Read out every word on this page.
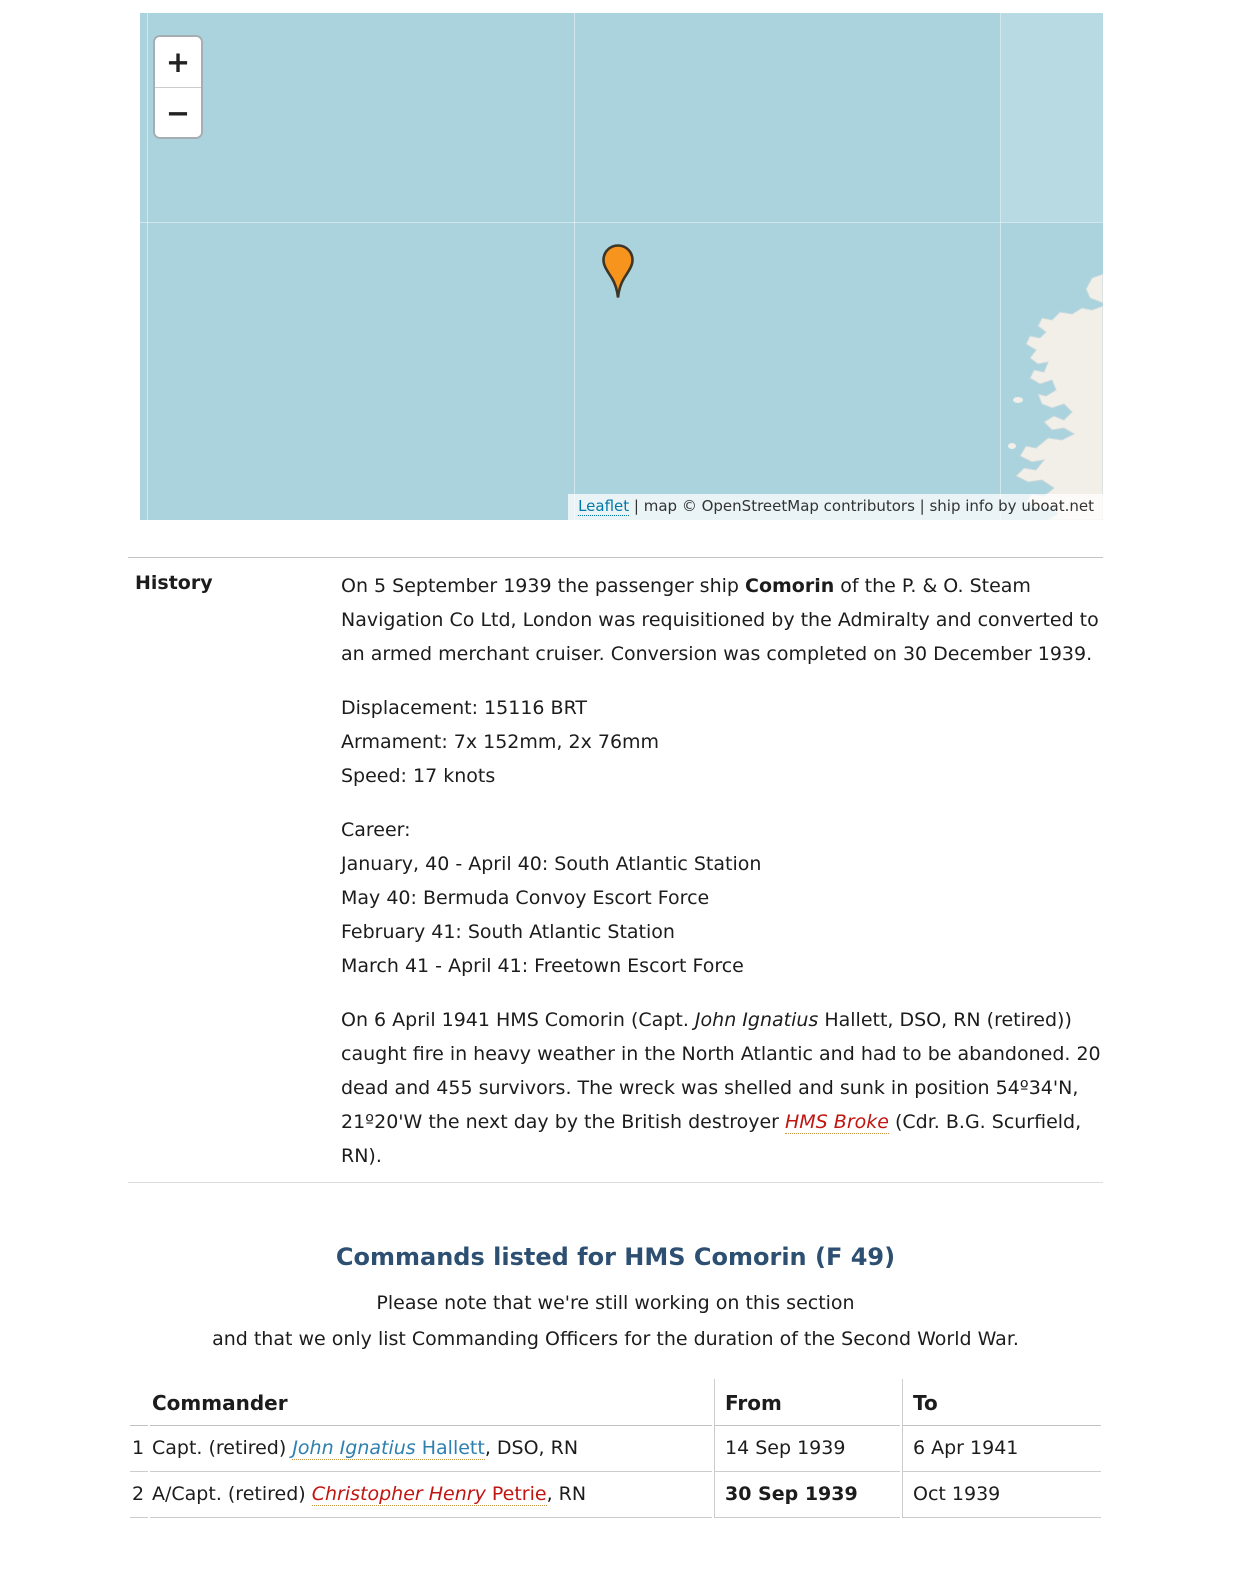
+
−
Leaflet | map © OpenStreetMap contributors | ship info by uboat.net
History	On 5 September 1939 the passenger ship Comorin of the P. & O. Steam Navigation Co Ltd, London was requisitioned by the Admiralty and converted to an armed merchant cruiser. Conversion was completed on 30 December 1939.

Displacement: 15116 BRT
Armament: 7x 152mm, 2x 76mm
Speed: 17 knots

Career:
January, 40 - April 40: South Atlantic Station
May 40: Bermuda Convoy Escort Force
February 41: South Atlantic Station
March 41 - April 41: Freetown Escort Force

On 6 April 1941 HMS Comorin (Capt. John Ignatius Hallett, DSO, RN (retired)) caught fire in heavy weather in the North Atlantic and had to be abandoned. 20 dead and 455 survivors. The wreck was shelled and sunk in position 54º34'N, 21º20'W the next day by the British destroyer HMS Broke (Cdr. B.G. Scurfield, RN).

Commands listed for HMS Comorin (F 49)
Please note that we're still working on this section
and that we only list Commanding Officers for the duration of the Second World War.
	Commander	From	To
1	Capt. (retired) John Ignatius Hallett, DSO, RN	14 Sep 1939	6 Apr 1941
2	A/Capt. (retired) Christopher Henry Petrie, RN	30 Sep 1939	Oct 1939
